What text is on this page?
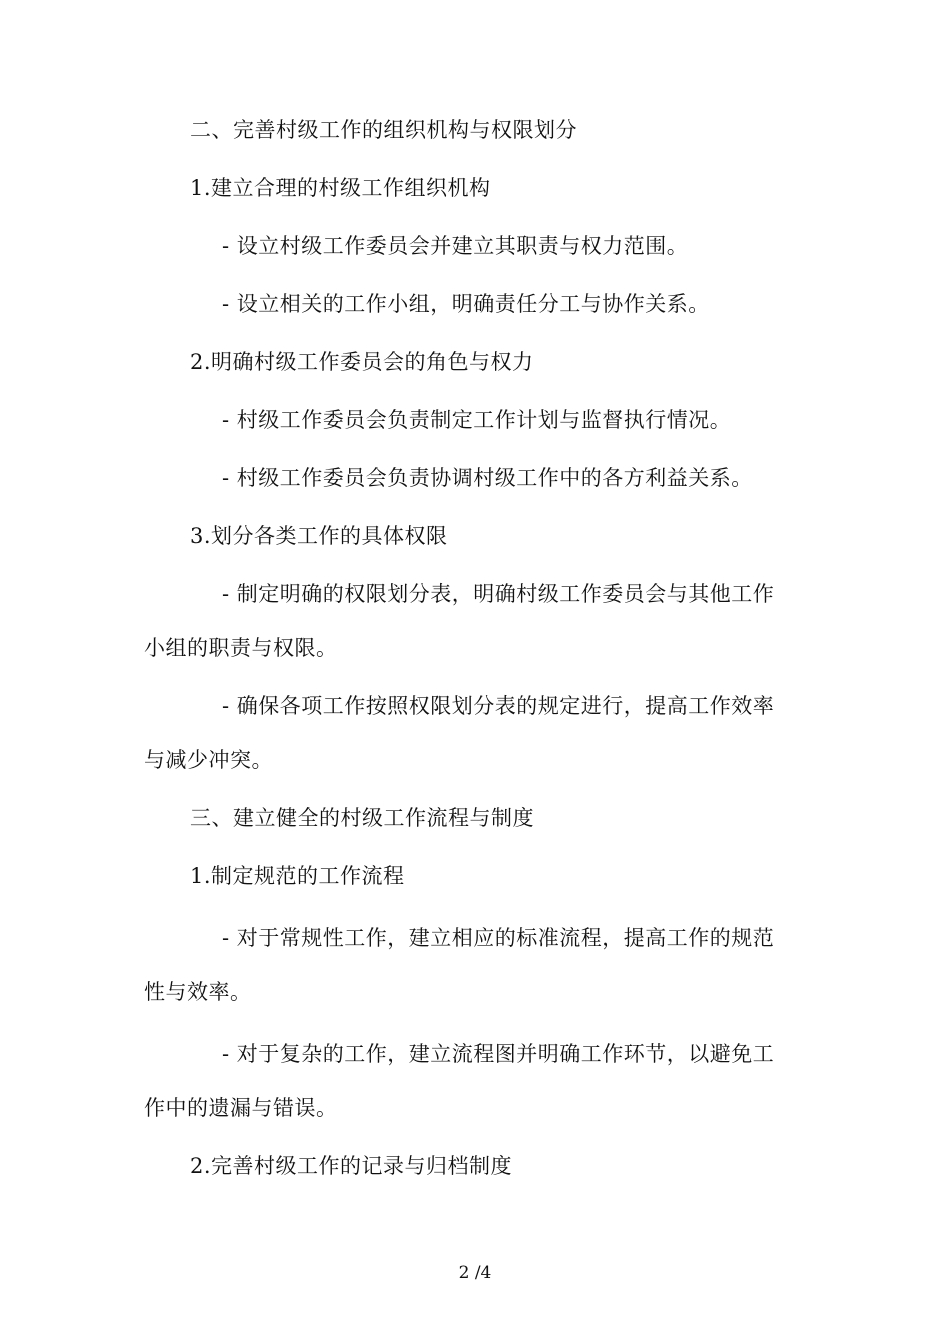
二、完善村级工作的组织机构与权限划分
1.建立合理的村级工作组织机构
- 设立村级工作委员会并建立其职责与权力范围。
- 设立相关的工作小组，明确责任分工与协作关系。
2.明确村级工作委员会的角色与权力
- 村级工作委员会负责制定工作计划与监督执行情况。
- 村级工作委员会负责协调村级工作中的各方利益关系。
3.划分各类工作的具体权限
- 制定明确的权限划分表，明确村级工作委员会与其他工作
小组的职责与权限。
- 确保各项工作按照权限划分表的规定进行，提高工作效率
与减少冲突。
三、建立健全的村级工作流程与制度
1.制定规范的工作流程
- 对于常规性工作，建立相应的标准流程，提高工作的规范
性与效率。
- 对于复杂的工作，建立流程图并明确工作环节，以避免工
作中的遗漏与错误。
2.完善村级工作的记录与归档制度
2 /4
